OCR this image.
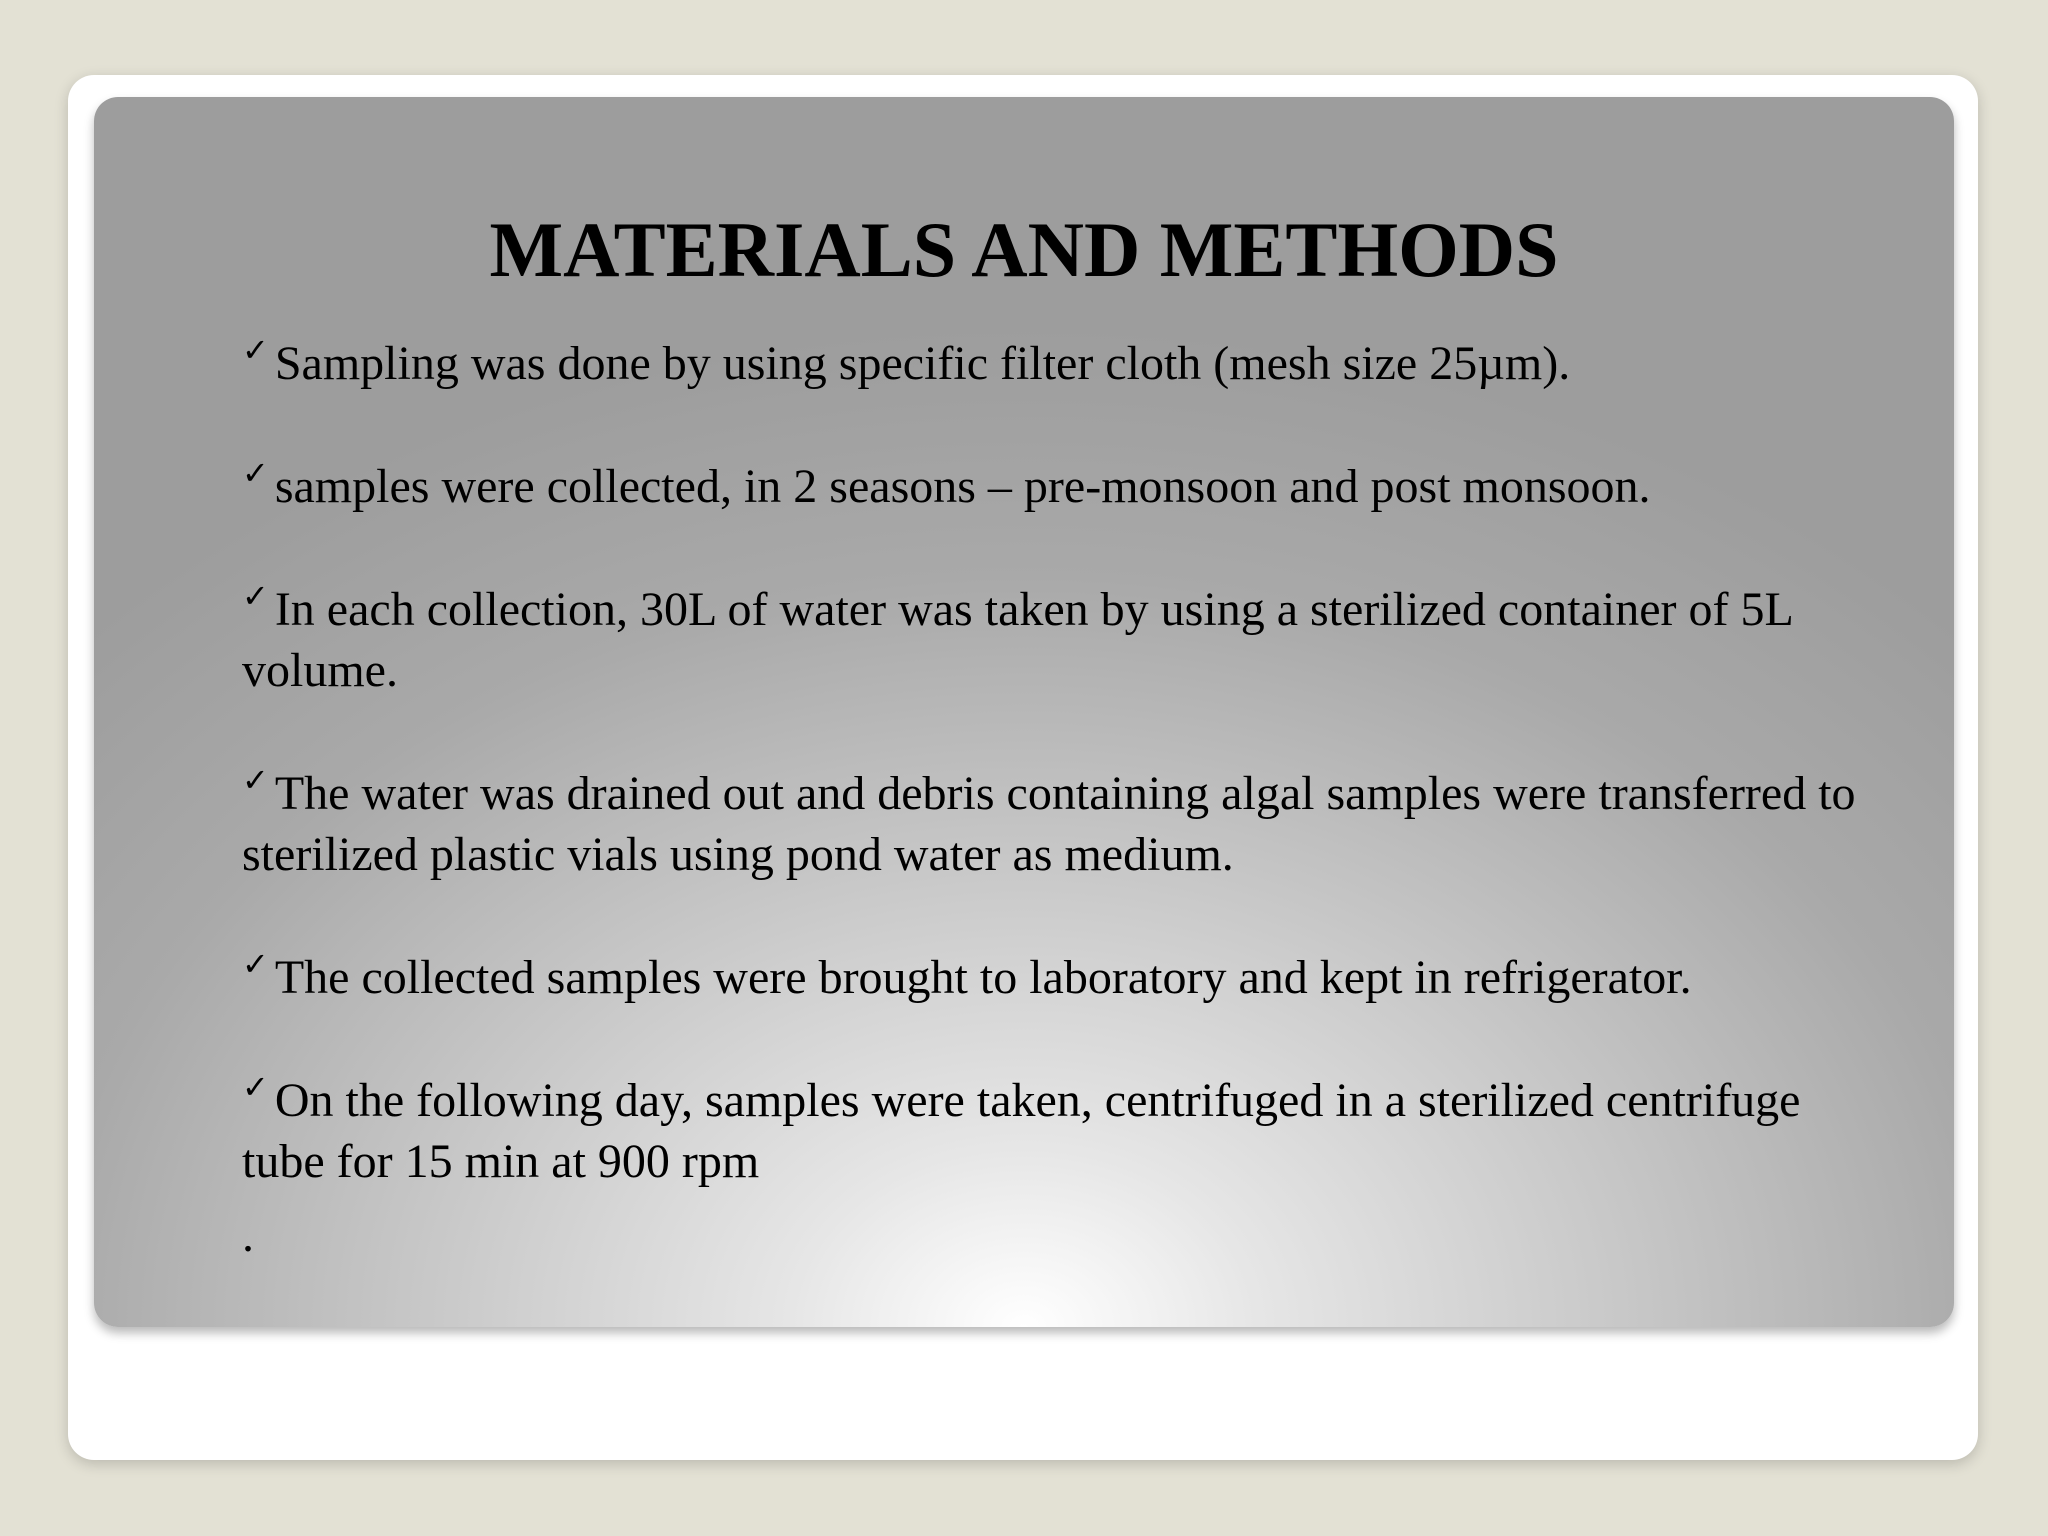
MATERIALS AND METHODS
✓ Sampling was done by using specific filter cloth (mesh size 25µm).
✓ samples were collected, in 2 seasons – pre-monsoon and post monsoon.
✓ In each collection, 30L of water was taken by using a sterilized container of 5L volume.
✓ The water was drained out and debris containing algal samples were transferred to sterilized plastic vials using pond water as medium.
✓ The collected samples were brought to laboratory and kept in refrigerator.
✓ On the following day, samples were taken, centrifuged in a sterilized centrifuge tube for 15 min at 900 rpm
.
